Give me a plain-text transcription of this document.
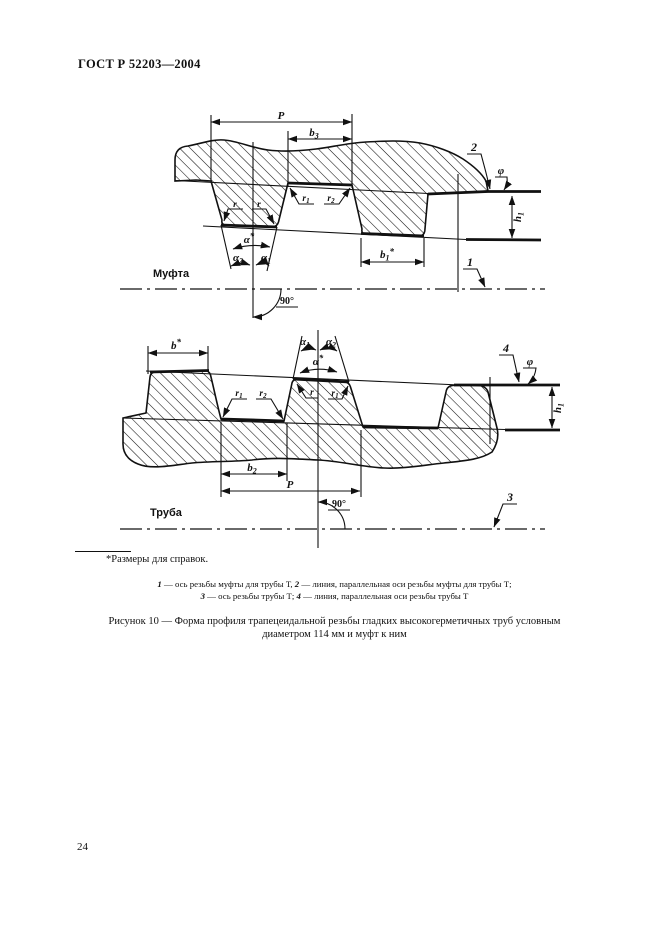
ГОСТ Р 52203—2004
P
$b_3$
$b_1^*$
$h_1$
α*
$\alpha_2$ $\alpha_1$
r r
$r_1$ $r_2$
φ
2
1
90°
Муфта
b*	$\alpha_1$ $\alpha_2$
α*
$r_1$ $r_2$	r $r_1$
$b_2$
P
$h_1$
φ
4
3
90°
Труба
*Размеры для справок.
1 — ось резьбы муфты для трубы Т, 2 — линия, параллельная оси резьбы муфты для трубы Т;
3 — ось резьбы трубы Т; 4 — линия, параллельная оси резьбы трубы Т
Рисунок 10 — Форма профиля трапецеидальной резьбы гладких высокогерметичных труб условным
диаметром 114 мм и муфт к ним
24
